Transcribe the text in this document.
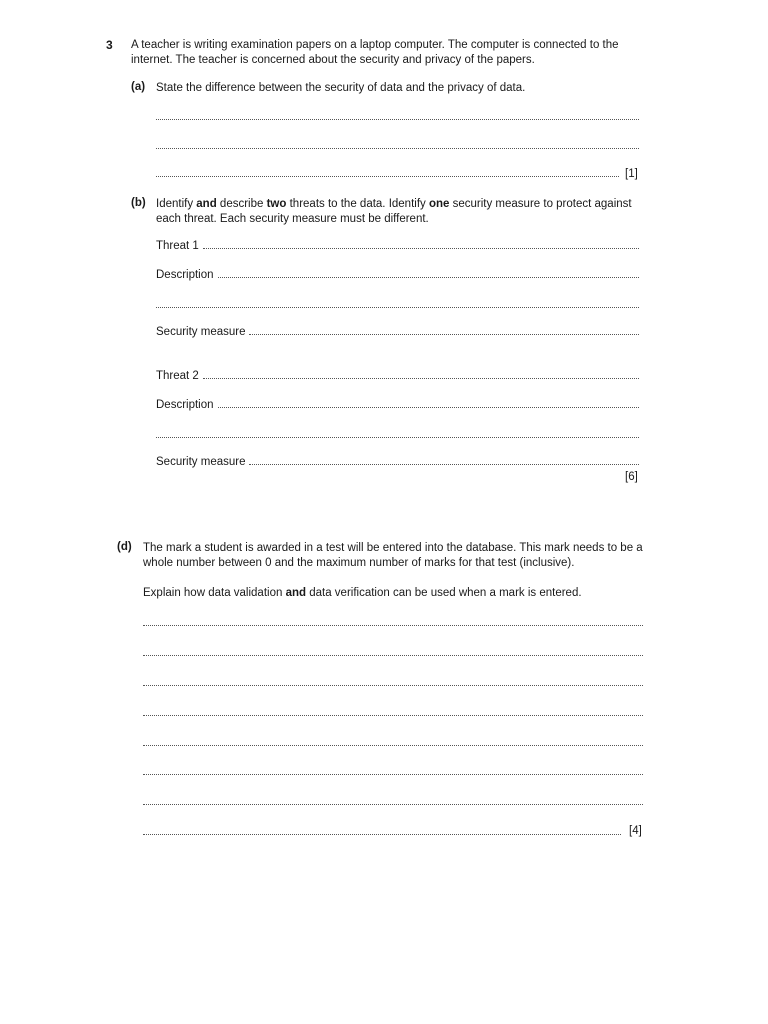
3 A teacher is writing examination papers on a laptop computer. The computer is connected to the internet. The teacher is concerned about the security and privacy of the papers.
(a) State the difference between the security of data and the privacy of data.
[1]
(b) Identify and describe two threats to the data. Identify one security measure to protect against each threat. Each security measure must be different.
Threat 1
Description
Security measure
Threat 2
Description
Security measure
[6]
(d) The mark a student is awarded in a test will be entered into the database. This mark needs to be a whole number between 0 and the maximum number of marks for that test (inclusive).
Explain how data validation and data verification can be used when a mark is entered.
[4]
